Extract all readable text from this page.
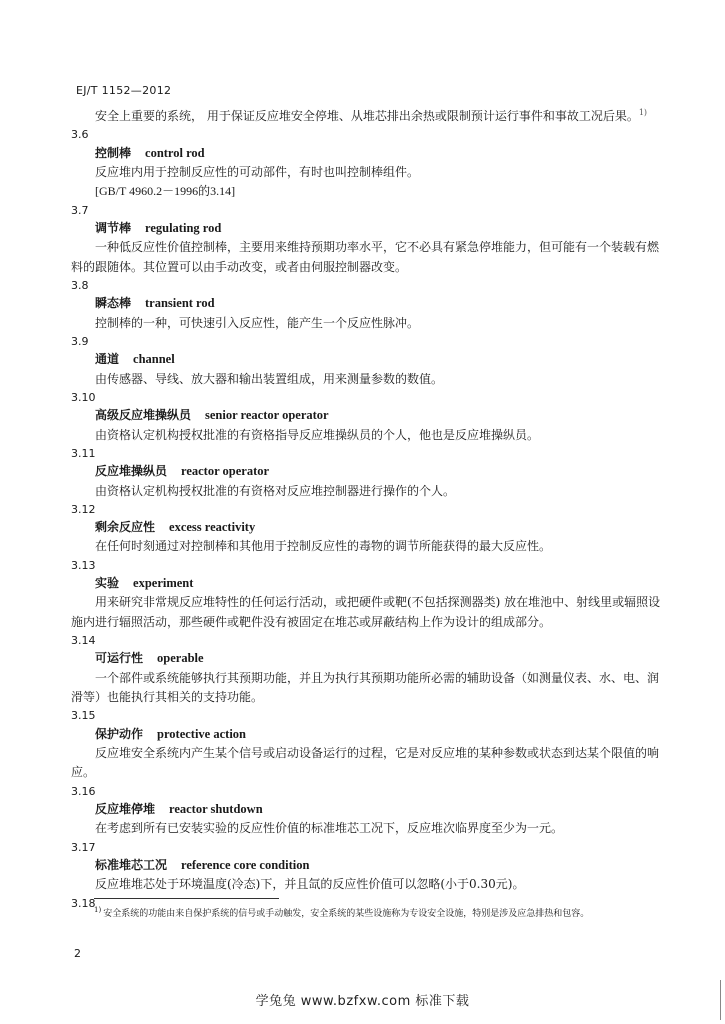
EJ/T 1152—2012

安全上重要的系统， 用于保证反应堆安全停堆、从堆芯排出余热或限制预计运行事件和事故工况后果。$^{1)}$

3.6

控制棒 control rod

反应堆内用于控制反应性的可动部件，有时也叫控制棒组件。

[GB/T 4960.2－1996的3.14]

3.7

调节棒 regulating rod

一种低反应性价值控制棒，主要用来维持预期功率水平，它不必具有紧急停堆能力，但可能有一个装载有燃料的跟随体。其位置可以由手动改变，或者由伺服控制器改变。

3.8

瞬态棒 transient rod

控制棒的一种，可快速引入反应性，能产生一个反应性脉冲。

3.9

通道 channel

由传感器、导线、放大器和输出装置组成，用来测量参数的数值。

3.10

高级反应堆操纵员 senior reactor operator

由资格认定机构授权批准的有资格指导反应堆操纵员的个人，他也是反应堆操纵员。

3.11

反应堆操纵员 reactor operator

由资格认定机构授权批准的有资格对反应堆控制器进行操作的个人。

3.12

剩余反应性 excess reactivity

在任何时刻通过对控制棒和其他用于控制反应性的毒物的调节所能获得的最大反应性。

3.13

实验 experiment

用来研究非常规反应堆特性的任何运行活动，或把硬件或靶(不包括探测器类) 放在堆池中、射线里或辐照设施内进行辐照活动，那些硬件或靶件没有被固定在堆芯或屏蔽结构上作为设计的组成部分。

3.14

可运行性 operable

一个部件或系统能够执行其预期功能，并且为执行其预期功能所必需的辅助设备（如测量仪表、水、电、润滑等）也能执行其相关的支持功能。

3.15

保护动作 protective action

反应堆安全系统内产生某个信号或启动设备运行的过程，它是对反应堆的某种参数或状态到达某个限值的响应。

3.16

反应堆停堆 reactor shutdown

在考虑到所有已安装实验的反应性价值的标准堆芯工况下，反应堆次临界度至少为一元。

3.17

标准堆芯工况 reference core condition

反应堆堆芯处于环境温度(冷态)下，并且氙的反应性价值可以忽略(小于0.30元)。

3.18

$^{1)}$ 安全系统的功能由来自保护系统的信号或手动触发，安全系统的某些设施称为专设安全设施，特别是涉及应急排热和包容。
2
学兔兔 www.bzfxw.com 标准下载
